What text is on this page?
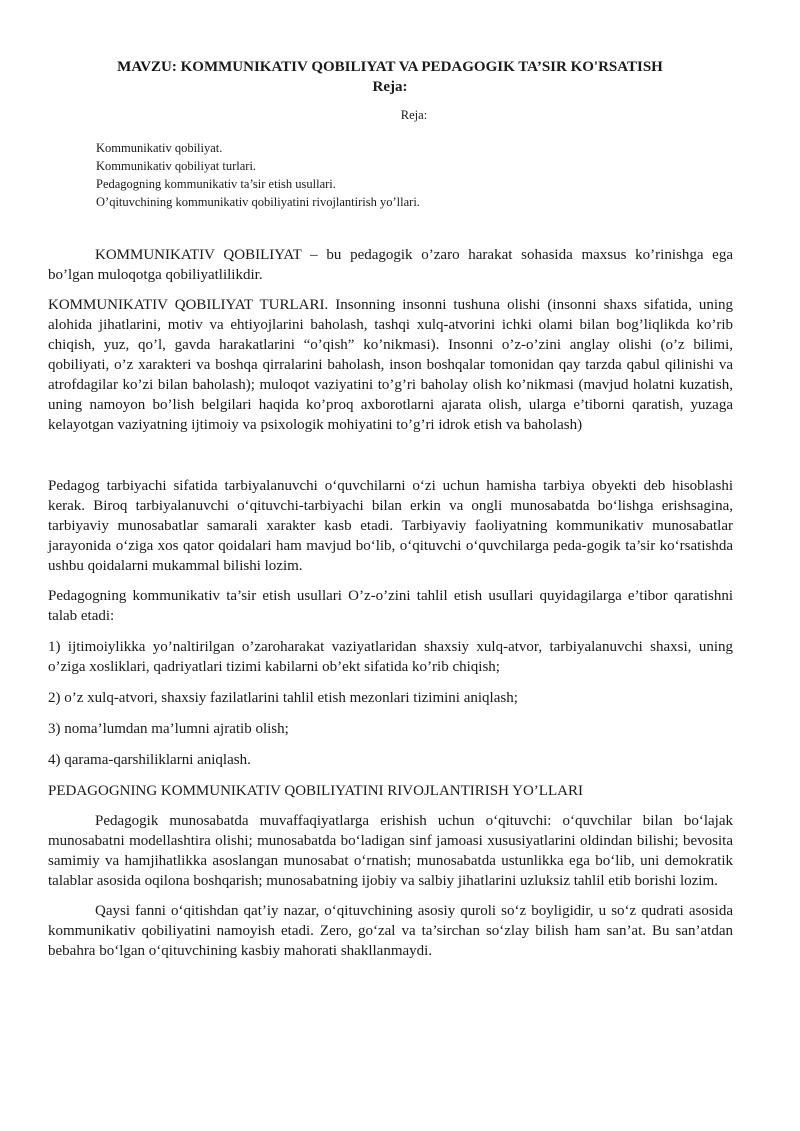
MAVZU: KOMMUNIKATIV QOBILIYAT VA PEDAGOGIK TA’SIR KO'RSATISH
Reja:
Reja:
Kommunikativ qobiliyat.
Kommunikativ qobiliyat turlari.
Pedagogning kommunikativ ta’sir etish usullari.
O’qituvchining kommunikativ qobiliyatini rivojlantirish yo’llari.

KOMMUNIKATIV QOBILIYAT – bu pedagogik o’zaro harakat sohasida maxsus ko’rinishga ega bo’lgan muloqotga qobiliyatlilikdir.

KOMMUNIKATIV QOBILIYAT TURLARI. Insonning insonni tushuna olishi (insonni shaxs sifatida, uning alohida jihatlarini, motiv va ehtiyojlarini baholash, tashqi xulq-atvorini ichki olami bilan bog’liqlikda ko’rib chiqish, yuz, qo’l, gavda harakatlarini “o’qish” ko’nikmasi). Insonni o’z-o’zini anglay olishi (o’z bilimi, qobiliyati, o’z xarakteri va boshqa qirralarini baholash, inson boshqalar tomonidan qay tarzda qabul qilinishi va atrofdagilar ko’zi bilan baholash); muloqot vaziyatini to’g’ri baholay olish ko’nikmasi (mavjud holatni kuzatish, uning namoyon bo’lish belgilari haqida ko’proq axborotlarni ajarata olish, ularga e’tiborni qaratish, yuzaga kelayotgan vaziyatning ijtimoiy va psixologik mohiyatini to’g’ri idrok etish va baholash)

Pedagog tarbiyachi sifatida tarbiyalanuvchi o‘quvchilarni o‘zi uchun hamisha tarbiya obyekti deb hisoblashi kerak. Biroq tarbiyalanuvchi o‘qituvchi-tarbiyachi bilan erkin va ongli munosabatda bo‘lishga erishsagina, tarbiyaviy munosabatlar samarali xarakter kasb etadi. Tarbiyaviy faoliyatning kommunikativ munosabatlar jarayonida o‘ziga xos qator qoidalari ham mavjud bo‘lib, o‘qituvchi o‘quvchilarga peda-gogik ta’sir ko‘rsatishda ushbu qoidalarni mukammal bilishi lozim.

Pedagogning kommunikativ ta’sir etish usullari O’z-o’zini tahlil etish usullari quyidagilarga e’tibor qaratishni talab etadi:

1) ijtimoiylikka yo’naltirilgan o’zaroharakat vaziyatlaridan shaxsiy xulq-atvor, tarbiyalanuvchi shaxsi, uning o’ziga xosliklari, qadriyatlari tizimi kabilarni ob’ekt sifatida ko’rib chiqish;

2) o’z xulq-atvori, shaxsiy fazilatlarini tahlil etish mezonlari tizimini aniqlash;

3) noma’lumdan ma’lumni ajratib olish;

4) qarama-qarshiliklarni aniqlash.

PEDAGOGNING KOMMUNIKATIV QOBILIYATINI RIVOJLANTIRISH YO’LLARI

Pedagogik munosabatda muvaffaqiyatlarga erishish uchun o‘qituvchi: o‘quvchilar bilan bo‘lajak munosabatni modellashtira olishi; munosabatda bo‘ladigan sinf jamoasi xususiyatlarini oldindan bilishi; bevosita samimiy va hamjihatlikka asoslangan munosabat o‘rnatish; munosabatda ustunlikka ega bo‘lib, uni demokratik talablar asosida oqilona boshqarish; munosabatning ijobiy va salbiy jihatlarini uzluksiz tahlil etib borishi lozim.

Qaysi fanni o‘qitishdan qat’iy nazar, o‘qituvchining asosiy quroli so‘z boyligidir, u so‘z qudrati asosida kommunikativ qobiliyatini namoyish etadi. Zero, go‘zal va ta’sirchan so‘zlay bilish ham san’at. Bu san’atdan bebahra bo‘lgan o‘qituvchining kasbiy mahorati shakllanmaydi.
